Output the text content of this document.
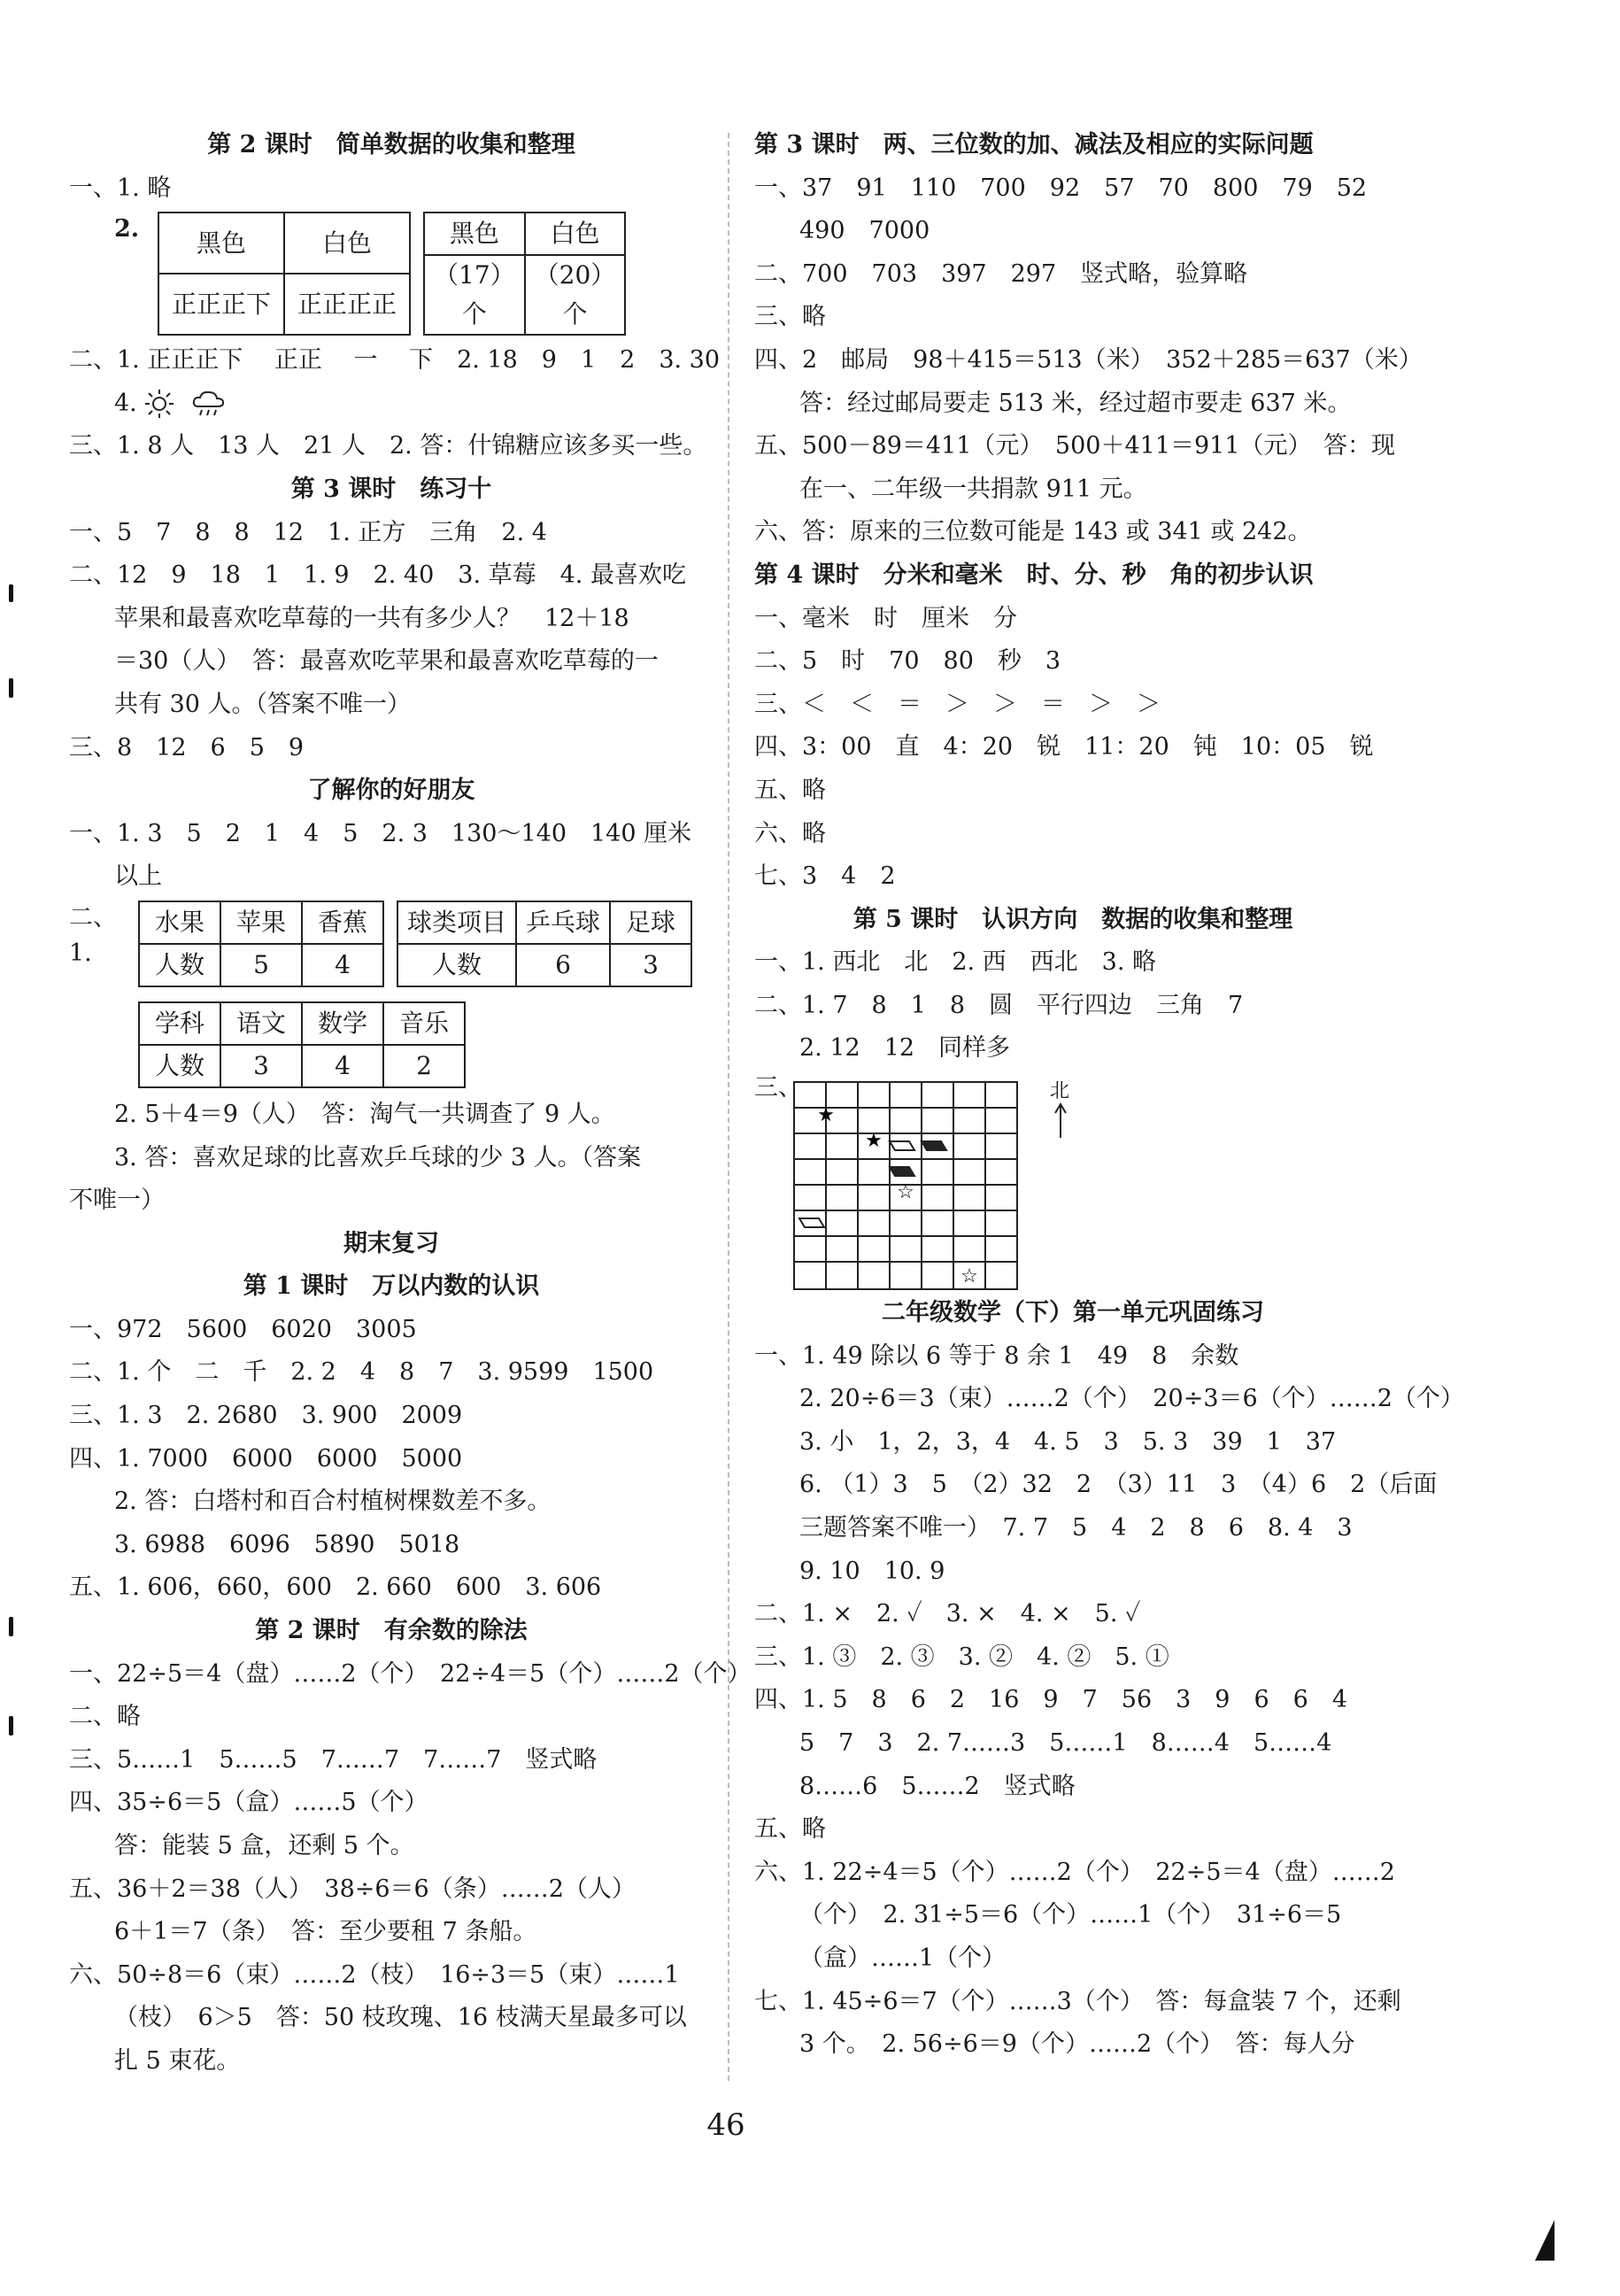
第 2 课时　简单数据的收集和整理
一、1. 略
2.	黑色	白色
正正正下	正正正正
黑色	白色
（17）个	（20）个
二、1. 正正正下　 正正　 一　 下　2. 18　9　1　2　3. 30
4.
三、1. 8 人　13 人　21 人　2. 答：什锦糖应该多买一些。
第 3 课时　练习十
一、5　7　8　8　12　1. 正方　三角　2. 4
二、12　9　18　1　1. 9　2. 40　3. 草莓　4. 最喜欢吃
苹果和最喜欢吃草莓的一共有多少人？　12＋18
＝30（人）　答：最喜欢吃苹果和最喜欢吃草莓的一
共有 30 人。（答案不唯一）
三、8　12　6　5　9
了解你的好朋友
一、1. 3　5　2　1　4　5　2. 3　130～140　140 厘米
以上
二、1.
水果	苹果	香蕉
人数	5	4
球类项目	乒乓球	足球
人数	6	3
学科	语文	数学	音乐
人数	3	4	2
2. 5＋4＝9（人）　答：淘气一共调查了 9 人。
3. 答：喜欢足球的比喜欢乒乓球的少 3 人。（答案
不唯一）
期末复习
第 1 课时　万以内数的认识
一、972　5600　6020　3005
二、1. 个　二　千　2. 2　4　8　7　3. 9599　1500
三、1. 3　2. 2680　3. 900　2009
四、1. 7000　6000　6000　5000
2. 答：白塔村和百合村植树棵数差不多。
3. 6988　6096　5890　5018
五、1. 606，660，600　2. 660　600　3. 606
第 2 课时　有余数的除法
一、22÷5＝4（盘）……2（个）　22÷4＝5（个）……2（个）
二、略
三、5……1　5……5　7……7　7……7　竖式略
四、35÷6＝5（盒）……5（个）
答：能装 5 盒，还剩 5 个。
五、36＋2＝38（人）　38÷6＝6（条）……2（人）
6＋1＝7（条）　答：至少要租 7 条船。
六、50÷8＝6（束）……2（枝）　16÷3＝5（束）……1
（枝）　6＞5　答：50 枝玫瑰、16 枝满天星最多可以
扎 5 束花。
第 3 课时　两、三位数的加、减法及相应的实际问题
一、37　91　110　700　92　57　70　800　79　52
490　7000
二、700　703　397　297　竖式略，验算略
三、略
四、2　邮局　98＋415＝513（米）　352＋285＝637（米）
答：经过邮局要走 513 米，经过超市要走 637 米。
五、500－89＝411（元）　500＋411＝911（元）　答：现
在一、二年级一共捐款 911 元。
六、答：原来的三位数可能是 143 或 341 或 242。
第 4 课时　分米和毫米　时、分、秒　角的初步认识
一、毫米　时　厘米　分
二、5　时　70　80　秒　3
三、＜　＜　＝　＞　＞　＝　＞　＞
四、3：00　直　4：20　锐　11：20　钝　10：05　锐
五、略
六、略
七、3　4　2
第 5 课时　认识方向　数据的收集和整理
一、1. 西北　北　2. 西　西北　3. 略
二、1. 7　8　1　8　圆　平行四边　三角　7
2. 12　12　同样多
三、
★
★
☆
☆
北
二年级数学（下）第一单元巩固练习
一、1. 49 除以 6 等于 8 余 1　49　8　余数
2. 20÷6＝3（束）……2（个）　20÷3＝6（个）……2（个）
3. 小　1，2，3，4　4. 5　3　5. 3　39　1　37
6. （1）3　5　（2）32　2　（3）11　3　（4）6　2（后面
三题答案不唯一）　7. 7　5　4　2　8　6　8. 4　3
9. 10　10. 9
二、1. ×　2. ✓　3. ×　4. ×　5. ✓
三、1. ③　2. ③　3. ②　4. ②　5. ①
四、1. 5　8　6　2　16　9　7　56　3　9　6　6　4
5　7　3　2. 7……3　5……1　8……4　5……4
8……6　5……2　竖式略
五、略
六、1. 22÷4＝5（个）……2（个）　22÷5＝4（盘）……2
（个）　2. 31÷5＝6（个）……1（个）　31÷6＝5
（盒）……1（个）
七、1. 45÷6＝7（个）……3（个）　答：每盒装 7 个，还剩
3 个。　2. 56÷6＝9（个）……2（个）　答：每人分
46
